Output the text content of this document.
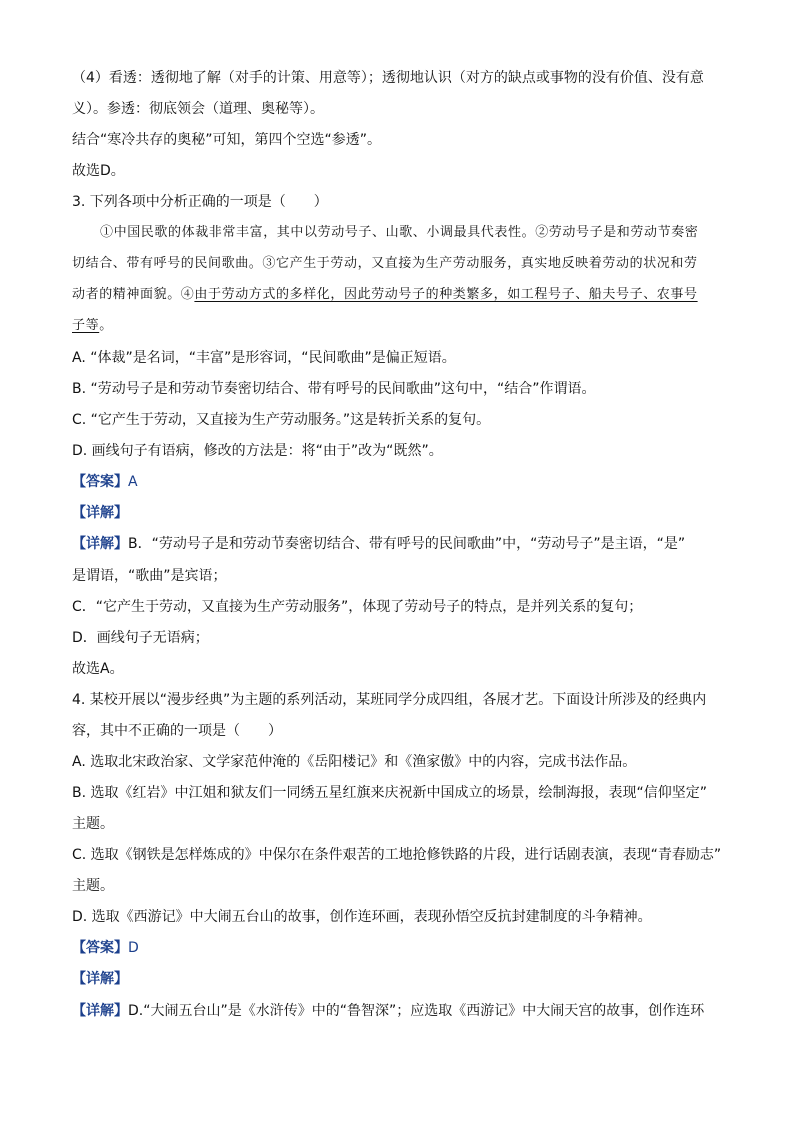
（4）看透：透彻地了解（对手的计策、用意等）；透彻地认识（对方的缺点或事物的没有价值、没有意
义）。参透：彻底领会（道理、奥秘等）。
结合“寒冷共存的奥秘”可知，第四个空选“参透”。
故选D。
3. 下列各项中分析正确的一项是（　　）
①中国民歌的体裁非常丰富，其中以劳动号子、山歌、小调最具代表性。②劳动号子是和劳动节奏密
切结合、带有呼号的民间歌曲。③它产生于劳动，又直接为生产劳动服务，真实地反映着劳动的状况和劳
动者的精神面貌。④由于劳动方式的多样化，因此劳动号子的种类繁多，如工程号子、船夫号子、农事号
子等。
A. “体裁”是名词，“丰富”是形容词，“民间歌曲”是偏正短语。
B. “劳动号子是和劳动节奏密切结合、带有呼号的民间歌曲”这句中，“结合”作谓语。
C. “它产生于劳动，又直接为生产劳动服务。”这是转折关系的复句。
D. 画线句子有语病，修改的方法是：将“由于”改为“既然”。
【答案】A
【详解】
【详解】B．“劳动号子是和劳动节奏密切结合、带有呼号的民间歌曲”中，“劳动号子”是主语，“是”
是谓语，“歌曲”是宾语；
C．“它产生于劳动，又直接为生产劳动服务”，体现了劳动号子的特点，是并列关系的复句；
D．画线句子无语病；
故选A。
4. 某校开展以“漫步经典”为主题的系列活动，某班同学分成四组，各展才艺。下面设计所涉及的经典内
容，其中不正确的一项是（　　）
A. 选取北宋政治家、文学家范仲淹的《岳阳楼记》和《渔家傲》中的内容，完成书法作品。
B. 选取《红岩》中江姐和狱友们一同绣五星红旗来庆祝新中国成立的场景，绘制海报，表现“信仰坚定”
主题。
C. 选取《钢铁是怎样炼成的》中保尔在条件艰苦的工地抢修铁路的片段，进行话剧表演，表现“青春励志”
主题。
D. 选取《西游记》中大闹五台山的故事，创作连环画，表现孙悟空反抗封建制度的斗争精神。
【答案】D
【详解】
【详解】D.“大闹五台山”是《水浒传》中的“鲁智深”；应选取《西游记》中大闹天宫的故事，创作连环
